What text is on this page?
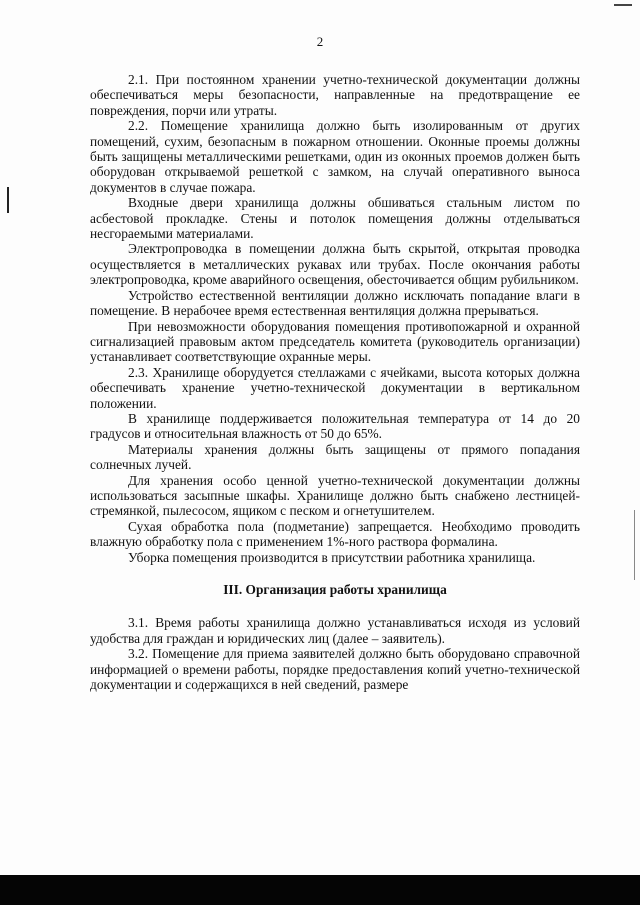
2

2.1. При постоянном хранении учетно-технической документации должны обеспечиваться меры безопасности, направленные на предотвращение ее повреждения, порчи или утраты.

2.2. Помещение хранилища должно быть изолированным от других помещений, сухим, безопасным в пожарном отношении. Оконные проемы должны быть защищены металлическими решетками, один из оконных проемов должен быть оборудован открываемой решеткой с замком, на случай оперативного выноса документов в случае пожара.

Входные двери хранилища должны обшиваться стальным листом по асбестовой прокладке. Стены и потолок помещения должны отделываться несгораемыми материалами.

Электропроводка в помещении должна быть скрытой, открытая проводка осуществляется в металлических рукавах или трубах. После окончания работы электропроводка, кроме аварийного освещения, обесточивается общим рубильником.

Устройство естественной вентиляции должно исключать попадание влаги в помещение. В нерабочее время естественная вентиляция должна прерываться.

При невозможности оборудования помещения противопожарной и охранной сигнализацией правовым актом председатель комитета (руководитель организации) устанавливает соответствующие охранные меры.

2.3. Хранилище оборудуется стеллажами с ячейками, высота которых должна обеспечивать хранение учетно-технической документации в вертикальном положении.

В хранилище поддерживается положительная температура от 14 до 20 градусов и относительная влажность от 50 до 65%.

Материалы хранения должны быть защищены от прямого попадания солнечных лучей.

Для хранения особо ценной учетно-технической документации должны использоваться засыпные шкафы. Хранилище должно быть снабжено лестницей-стремянкой, пылесосом, ящиком с песком и огнетушителем.

Сухая обработка пола (подметание) запрещается. Необходимо проводить влажную обработку пола с применением 1%-ного раствора формалина.

Уборка помещения производится в присутствии работника хранилища.

III. Организация работы хранилища

3.1. Время работы хранилища должно устанавливаться исходя из условий удобства для граждан и юридических лиц (далее – заявитель).

3.2. Помещение для приема заявителей должно быть оборудовано справочной информацией о времени работы, порядке предоставления копий учетно-технической документации и содержащихся в ней сведений, размере
